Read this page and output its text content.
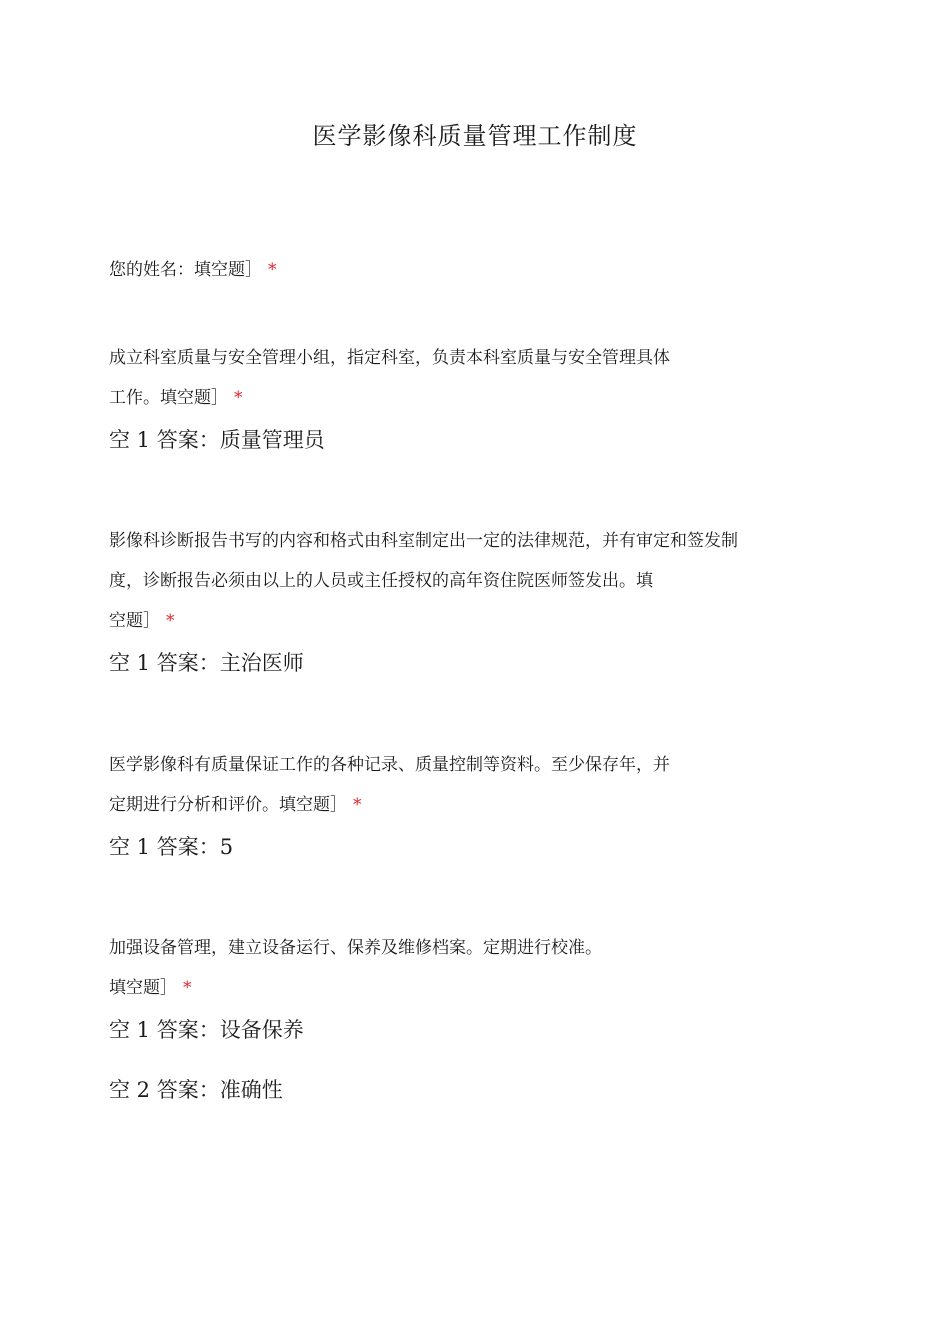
医学影像科质量管理工作制度
您的姓名：填空题］ *
成立科室质量与安全管理小组，指定科室，负责本科室质量与安全管理具体
工作。填空题］ *
空 1 答案：质量管理员
影像科诊断报告书写的内容和格式由科室制定出一定的法律规范，并有审定和签发制
度，诊断报告必须由以上的人员或主任授权的高年资住院医师签发出。填
空题］ *
空 1 答案：主治医师
医学影像科有质量保证工作的各种记录、质量控制等资料。至少保存年，并
定期进行分析和评价。填空题］ *
空 1 答案：5
加强设备管理，建立设备运行、保养及维修档案。定期进行校准。
填空题］ *
空 1 答案：设备保养
空 2 答案：准确性
